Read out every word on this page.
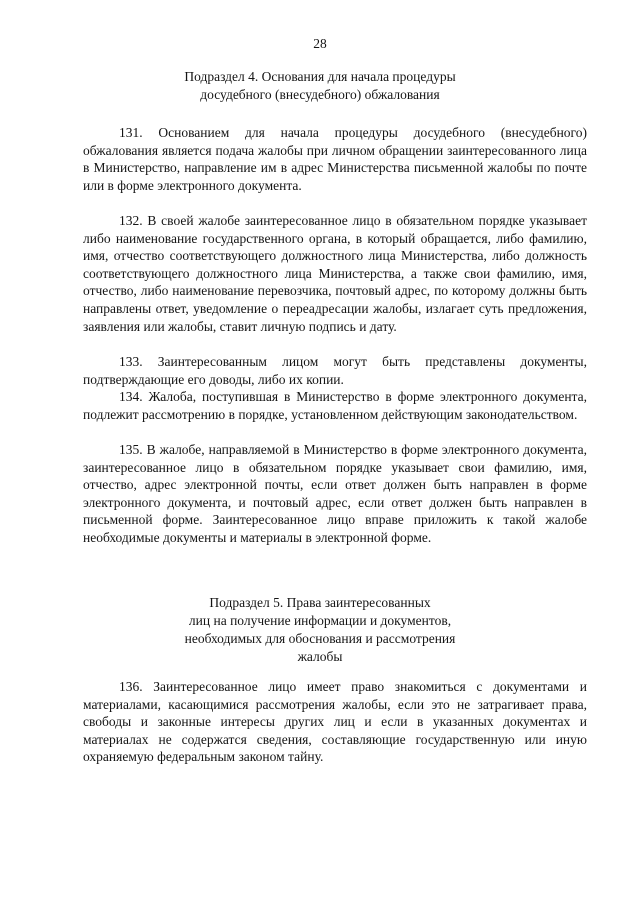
28
Подраздел 4. Основания для начала процедуры
досудебного (внесудебного) обжалования

131. Основанием для начала процедуры досудебного (внесудебного) обжалования является подача жалобы при личном обращении заинтересованного лица в Министерство, направление им в адрес Министерства письменной жалобы по почте или в форме электронного документа.

132. В своей жалобе заинтересованное лицо в обязательном порядке указывает либо наименование государственного органа, в который обращается, либо фамилию, имя, отчество соответствующего должностного лица Министерства, либо должность соответствующего должностного лица Министерства, а также свои фамилию, имя, отчество, либо наименование перевозчика, почтовый адрес, по которому должны быть направлены ответ, уведомление о переадресации жалобы, излагает суть предложения, заявления или жалобы, ставит личную подпись и дату.

133. Заинтересованным лицом могут быть представлены документы, подтверждающие его доводы, либо их копии.

134. Жалоба, поступившая в Министерство в форме электронного документа, подлежит рассмотрению в порядке, установленном действующим законодательством.

135. В жалобе, направляемой в Министерство в форме электронного документа, заинтересованное лицо в обязательном порядке указывает свои фамилию, имя, отчество, адрес электронной почты, если ответ должен быть направлен в форме электронного документа, и почтовый адрес, если ответ должен быть направлен в письменной форме. Заинтересованное лицо вправе приложить к такой жалобе необходимые документы и материалы в электронной форме.

Подраздел 5. Права заинтересованных
лиц на получение информации и документов,
необходимых для обоснования и рассмотрения
жалобы

136. Заинтересованное лицо имеет право знакомиться с документами и материалами, касающимися рассмотрения жалобы, если это не затрагивает права, свободы и законные интересы других лиц и если в указанных документах и материалах не содержатся сведения, составляющие государственную или иную охраняемую федеральным законом тайну.
